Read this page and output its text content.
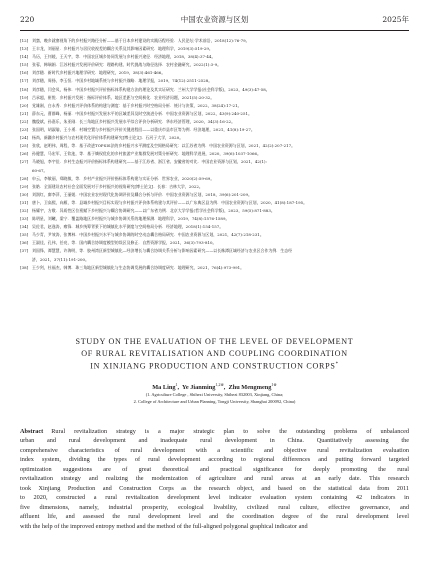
220	中国农业资源与区划	2025年
[12] 刘寰，晚乡就寨视角下的乡村振兴路径分析——基于日本乡村建设的实践历程经验．人民论坛·学术前沿，2018(12):76-79。
[13] 王丰龙，刘丽星．乡村振兴与居民收视差的耦合关系及其影响因素研究．地理科学，2019(3):519-29。
[14] 马历，王钊媛，王天宇，等．中国农区城乡协同发展与乡村振兴途径．经济地理，2018，38(4):37-44。
[15] 张蓉，韩瑞娟．江苏村振兴发展评价研究：理路构建、时代挑战与路径选择．农村金融研究，2022(1):3-9。
[16] 刘彦随．新时代乡村振兴地理学研究．地理研究，2019，38(3):461-466。
[17] 刘彦随，周扬，李玉恒．中国乡村地域系统与乡村振兴战略．地理学报，2019，74(12):2511-2528。
[18] 刘彦随，闫会凤，杨伟．中国乡村振兴评价指标体系构建方法的理论及其实证研究．兰州大学学报(社会科学版)，2023，49(3):47-58。
[19] 吕承超，崔悦．乡村振兴发展：指标评价体系、地区差距与空间极化．农业经济问题，2021(5):20-32。
[20] 党雄刚，白永秀．乡村振兴评价体系的构建与测度：基于乡村振兴时空格局分析．统计与决策，2022，38(24):17-21。
[21] 薛东元，曹群峰，杨丽．中国乡村振兴发展水平的区域差异及时空演进分析．中国农业资源与区划，2022，43(9):240-251。
[22] 魏俊斌，孙嘉乐，朱亚刚．长三角地区乡村振兴发展水平综合评价分析研究．华东经济管理，2020，34(3):16-22。
[23] 张国明，胡淑瑜，王小勇．村城空置与乡村振兴评价关键进程回——以重庆市县市区等为例．经济地理，2021，41(8):19-27。
[24] 杨尚，新疆乡村振兴与农村现代化评价体系构建研究[博士论文]．石河子大学，2020。
[25] 张欣，赵明伟，周程，等．基于改进TOPSIS法的乡村振兴水平测度及空间格局研究：以江苏省为例．中国农业资源与区划，2021，42(2):207-217。
[26] 孙健慧，马宏军，王钦池，等．基于熵权优化的乡村旅游产业集群发展对策分析研究．地理科学进展，2020，39(6):1037-1066。
[27] 马晓旭，李宇佳．乡村生态振兴评价指标体系构建研究——基于江苏省、浙江省、安徽省的对比．中国农业资源与区划，2021，42(1):
60-67。
[28] 申云，李敏丽，郑晓敏，等．乡村产业振兴评价指标体系构建与实证分析．世界农业，2020(2):59-69。
[29] 张皓．全面建设农村社会全面发展对于乡村振兴的视角研究[博士论文]．长春：吉林大学，2022。
[30] 刘润红，廖李萍，王丽媛．中国农业农村现代化协调评价及耦合分析与评价．中国农业资源与区划，2018，39(6):201-209。
[31] 唐卜，卫高熙，向雁，等．县域乡村振兴目标实现与乡村振兴评价体系构建与其评价——以广东典区县为例．中国农业资源与区划，2020，41(8):187-195。
[32] 杨耀宇，方敬．异质性区位禀赋下乡村振兴与耦合协调研究——以广东省为例．北京大学学报(哲学社会科学版)，2023，59(5):871-883。
[33] 陈明星，刘曦，梁宁．覆盖路地区乡村振兴与城乡协调关系的地理探测．地理科学，2019，74(8):1576-1589。
[34] 吴佐君，赵逸涛，雍锋．城乡统筹背景下的城镇化水平测度与空间格局分析．经济地理，2018(1):154-157。
[35] 马少青，尹效涛，张博林．中国乡村振兴水平与城乡协调的时空动态耦合格局研究．中国农业资源与区划，2021，42(7):218-231。
[36] 王淑佳，孔伟，任亮，等．国内耦合协调度模型的误区及修正．自然资源学报，2021，36(3):793-810。
[37] 刘国锋，谭慧慧，许海明，等．胶州湾区新型城镇化—经济增长与耦合协调关系分析与影响因素研究——以长株潭区域经济与农业区合作为例．生态经
济，2021，37(11):191-200。
[38] 王少剑，杜福杰，韩博．珠三角地区新型城镇化与生态协调发展的耦合协调度研究．地理研究，2021，76(4):973-991。
STUDY ON THE EVALUATION OF THE LEVEL OF DEVELOPMENT
OF RURAL REVITALISATION AND COUPLING COORDINATION
IN XINJIANG PRODUCTION AND CONSTRUCTION CORPS*
Ma Ling$^1$,  Ye Jianming$^{1,2※}$,  Zhu Mengmeng$^{1※}$
(1. Agriculture College , Shihezi University, Shihezi 832003, Xinjiang, China;
2. College of Architecture and Urban Planning, Tongji University, Shanghai 200092, China)
Abstract Rural revitalization strategy is a major strategic plan to solve the outstanding problems of unbalanced
urban and rural development and inadequate rural development in China. Quantitatively assessing the
comprehensive characteristics of rural development with a scientific and objective rural revitalization evaluation
index system, dividing the types of rural development according to regional differences and putting forward targeted
optimization suggestions are of great theoretical and practical significance for deeply promoting the rural
revitalization strategy and realizing the modernization of agriculture and rural areas at an early date. This research
took Xinjiang Production and Construction Corps as the research object, and based on the statistical data from 2011
to 2020, constructed a rural revitalization development level indicator evaluation system containing 42 indicators in
five dimensions, namely, industrial prosperity, ecological livability, civilized rural culture, effective governance, and
affluent life, and assessed the rural development level and the coordination degree of the rural development level
with the help of the improved entropy method and the method of the full-aligned polygonal graphical indicator and
